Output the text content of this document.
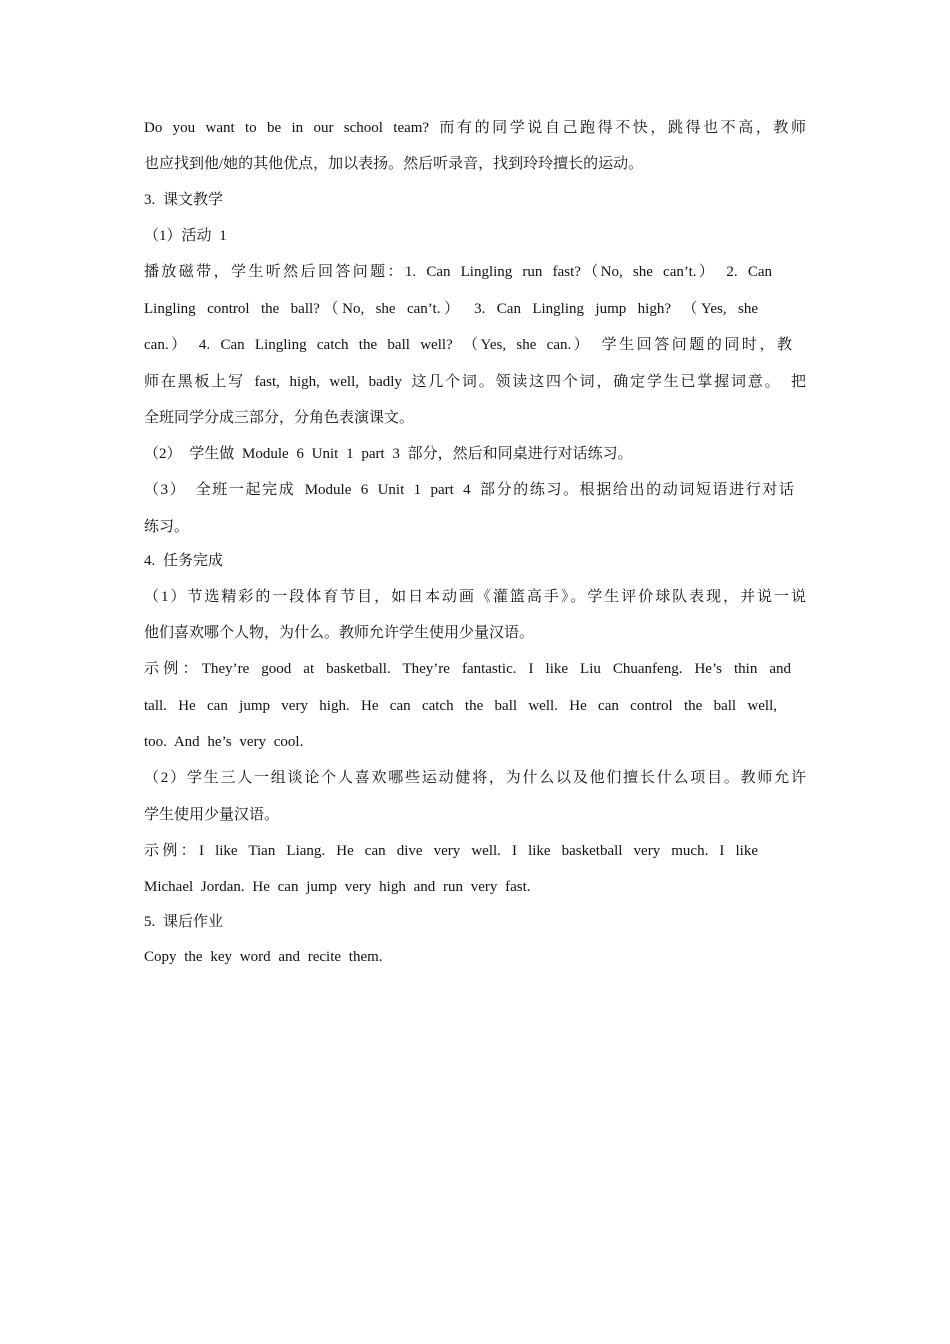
Do you want to be in our school team? 而有的同学说自己跑得不快，跳得也不高，教师
也应找到他/她的其他优点，加以表扬。然后听录音，找到玲玲擅长的运动。
3. 课文教学
（1）活动 1
播放磁带，学生听然后回答问题：1. Can Lingling run fast?（No, she can’t.） 2. Can
Lingling control the ball?（No, she can’t.） 3. Can Lingling jump high? （Yes, she
can.） 4. Can Lingling catch the ball well? （Yes, she can.） 学生回答问题的同时，教
师在黑板上写 fast, high, well, badly 这几个词。领读这四个词，确定学生已掌握词意。 把
全班同学分成三部分，分角色表演课文。
（2） 学生做 Module 6 Unit 1 part 3 部分，然后和同桌进行对话练习。
（3） 全班一起完成 Module 6 Unit 1 part 4 部分的练习。根据给出的动词短语进行对话
练习。
4. 任务完成
（1）节选精彩的一段体育节目，如日本动画《灌篮高手》。学生评价球队表现，并说一说
他们喜欢哪个人物，为什么。教师允许学生使用少量汉语。
示例：They’re good at basketball. They’re fantastic. I like Liu Chuanfeng. He’s thin and
tall. He can jump very high. He can catch the ball well. He can control the ball well,
too. And he’s very cool.
（2）学生三人一组谈论个人喜欢哪些运动健将，为什么以及他们擅长什么项目。教师允许
学生使用少量汉语。
示例：I like Tian Liang. He can dive very well. I like basketball very much. I like
Michael Jordan. He can jump very high and run very fast.
5. 课后作业
Copy the key word and recite them.
